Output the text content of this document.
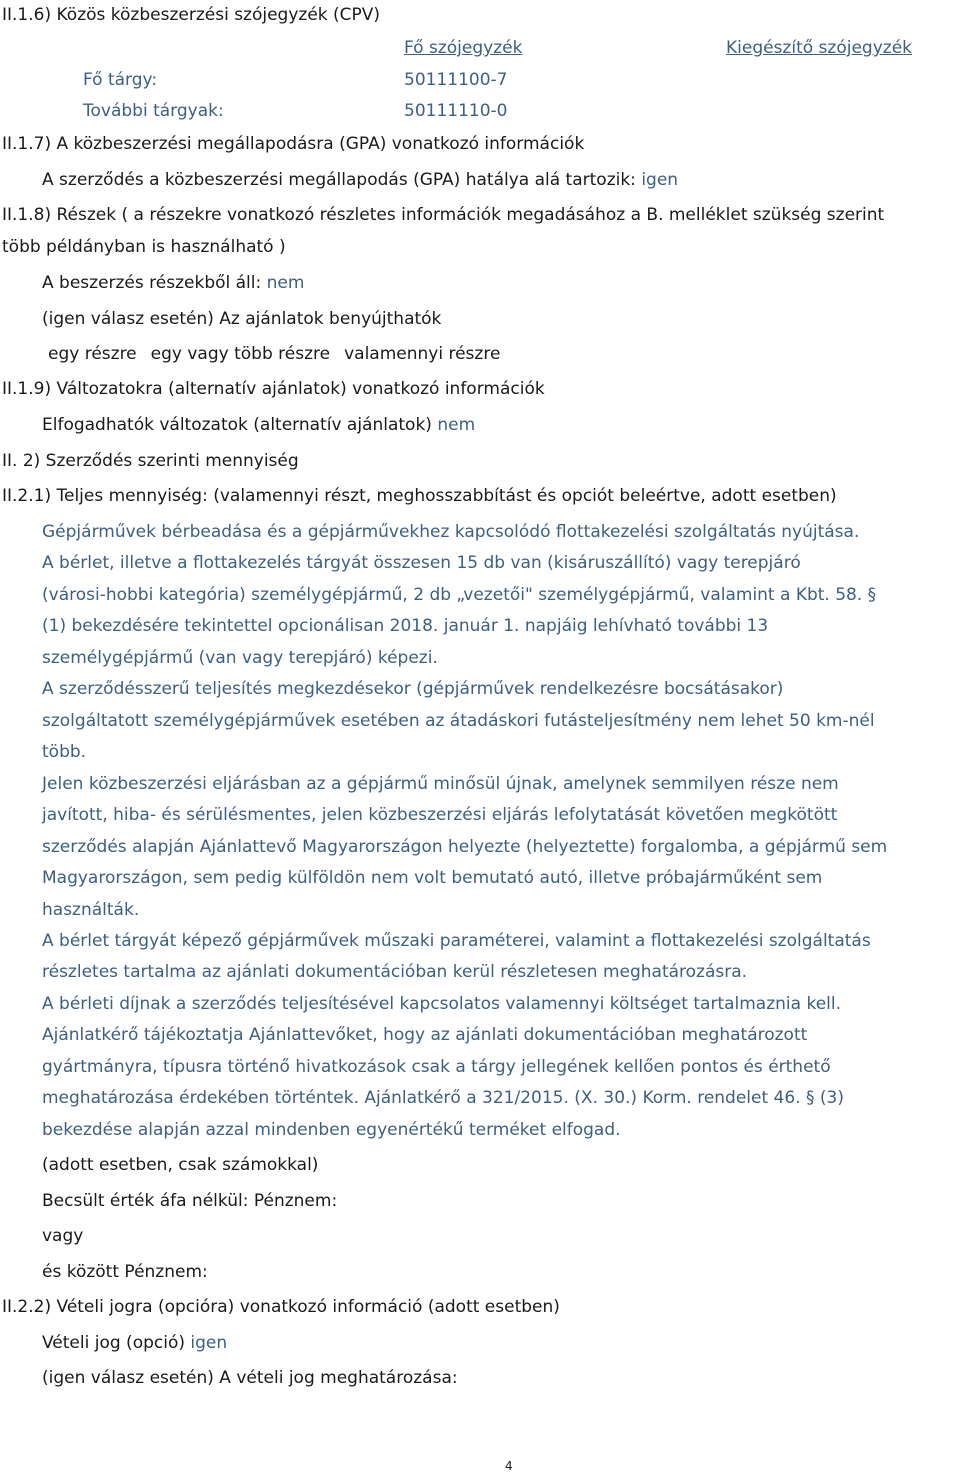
II.1.6) Közös közbeszerzési szójegyzék (CPV)
Fő szójegyzék	Kiegészítő szójegyzék
Fő tárgy:	50111100-7
További tárgyak:	50111110-0
II.1.7) A közbeszerzési megállapodásra (GPA) vonatkozó információk
A szerződés a közbeszerzési megállapodás (GPA) hatálya alá tartozik: igen
II.1.8) Részek ( a részekre vonatkozó részletes információk megadásához a B. melléklet szükség szerint
több példányban is használható )
A beszerzés részekből áll: nem
(igen válasz esetén) Az ajánlatok benyújthatók
egy részre egy vagy több részre valamennyi részre
II.1.9) Változatokra (alternatív ajánlatok) vonatkozó információk
Elfogadhatók változatok (alternatív ajánlatok) nem
II. 2) Szerződés szerinti mennyiség
II.2.1) Teljes mennyiség: (valamennyi részt, meghosszabbítást és opciót beleértve, adott esetben)
Gépjárművek bérbeadása és a gépjárművekhez kapcsolódó flottakezelési szolgáltatás nyújtása.
A bérlet, illetve a flottakezelés tárgyát összesen 15 db van (kisáruszállító) vagy terepjáró
(városi-hobbi kategória) személygépjármű, 2 db „vezetői" személygépjármű, valamint a Kbt. 58. §
(1) bekezdésére tekintettel opcionálisan 2018. január 1. napjáig lehívható további 13
személygépjármű (van vagy terepjáró) képezi.
A szerződésszerű teljesítés megkezdésekor (gépjárművek rendelkezésre bocsátásakor)
szolgáltatott személygépjárművek esetében az átadáskori futásteljesítmény nem lehet 50 km-nél
több.
Jelen közbeszerzési eljárásban az a gépjármű minősül újnak, amelynek semmilyen része nem
javított, hiba- és sérülésmentes, jelen közbeszerzési eljárás lefolytatását követően megkötött
szerződés alapján Ajánlattevő Magyarországon helyezte (helyeztette) forgalomba, a gépjármű sem
Magyarországon, sem pedig külföldön nem volt bemutató autó, illetve próbajárműként sem
használták.
A bérlet tárgyát képező gépjárművek műszaki paraméterei, valamint a flottakezelési szolgáltatás
részletes tartalma az ajánlati dokumentációban kerül részletesen meghatározásra.
A bérleti díjnak a szerződés teljesítésével kapcsolatos valamennyi költséget tartalmaznia kell.
Ajánlatkérő tájékoztatja Ajánlattevőket, hogy az ajánlati dokumentációban meghatározott
gyártmányra, típusra történő hivatkozások csak a tárgy jellegének kellően pontos és érthető
meghatározása érdekében történtek. Ajánlatkérő a 321/2015. (X. 30.) Korm. rendelet 46. § (3)
bekezdése alapján azzal mindenben egyenértékű terméket elfogad.
(adott esetben, csak számokkal)
Becsült érték áfa nélkül: Pénznem:
vagy
és között Pénznem:
II.2.2) Vételi jogra (opcióra) vonatkozó információ (adott esetben)
Vételi jog (opció) igen
(igen válasz esetén) A vételi jog meghatározása:
4
